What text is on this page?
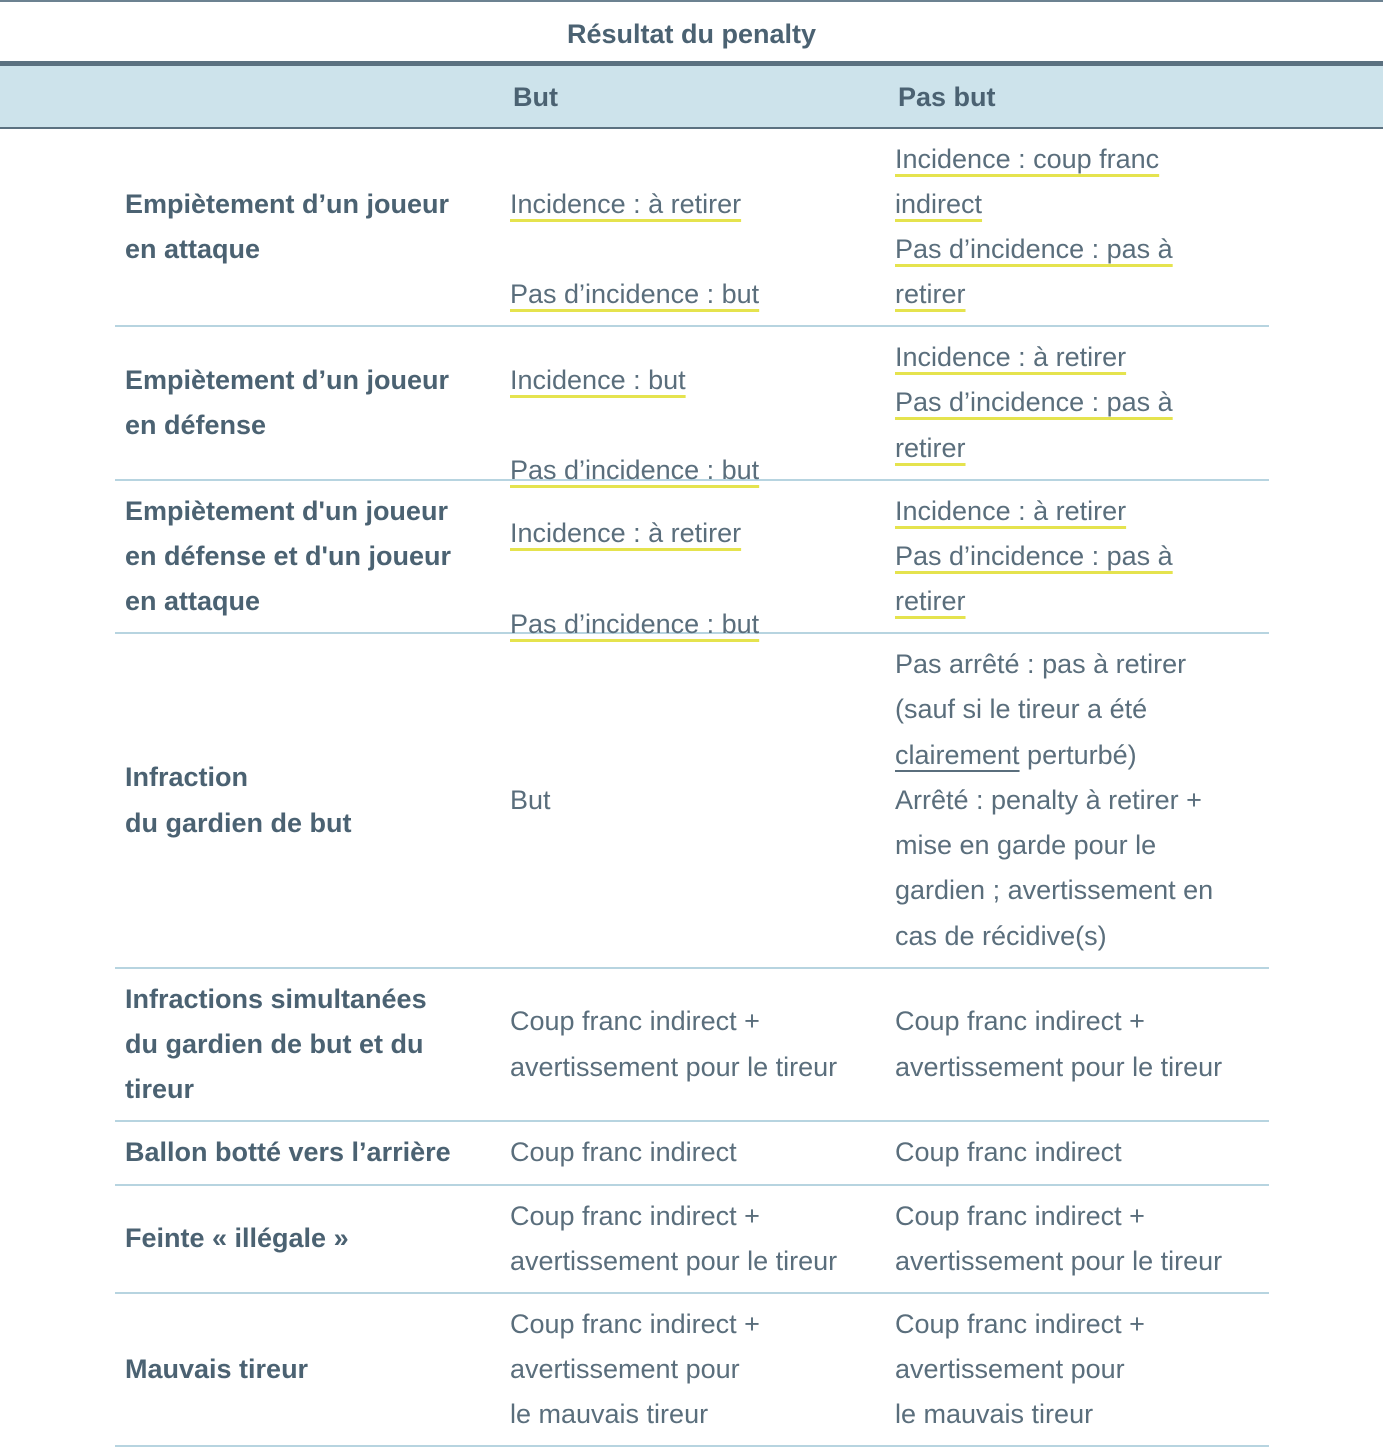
Résultat du penalty
But	Pas but
Empiètement d’un joueur
en attaque

Incidence : à retirer

Pas d’incidence : but

Incidence : coup franc indirect
Pas d’incidence : pas à retirer
Empiètement d’un joueur
en défense

Incidence : but

Pas d’incidence : but

Incidence : à retirer
Pas d’incidence : pas à retirer
Empiètement d'un joueur
en défense et d'un joueur
en attaque

Incidence : à retirer

Pas d’incidence : but

Incidence : à retirer
Pas d’incidence : pas à retirer
Infraction
du gardien de but
But
Pas arrêté : pas à retirer
(sauf si le tireur a été
clairement perturbé)
Arrêté : penalty à retirer +
mise en garde pour le
gardien ; avertissement en
cas de récidive(s)
Infractions simultanées
du gardien de but et du
tireur
Coup franc indirect +
avertissement pour le tireur
Coup franc indirect +
avertissement pour le tireur
Ballon botté vers l’arrière Coup franc indirect	Coup franc indirect
Feinte « illégale »
Coup franc indirect +
avertissement pour le tireur
Coup franc indirect +
avertissement pour le tireur
Mauvais tireur
Coup franc indirect +
avertissement pour
le mauvais tireur
Coup franc indirect +
avertissement pour
le mauvais tireur
